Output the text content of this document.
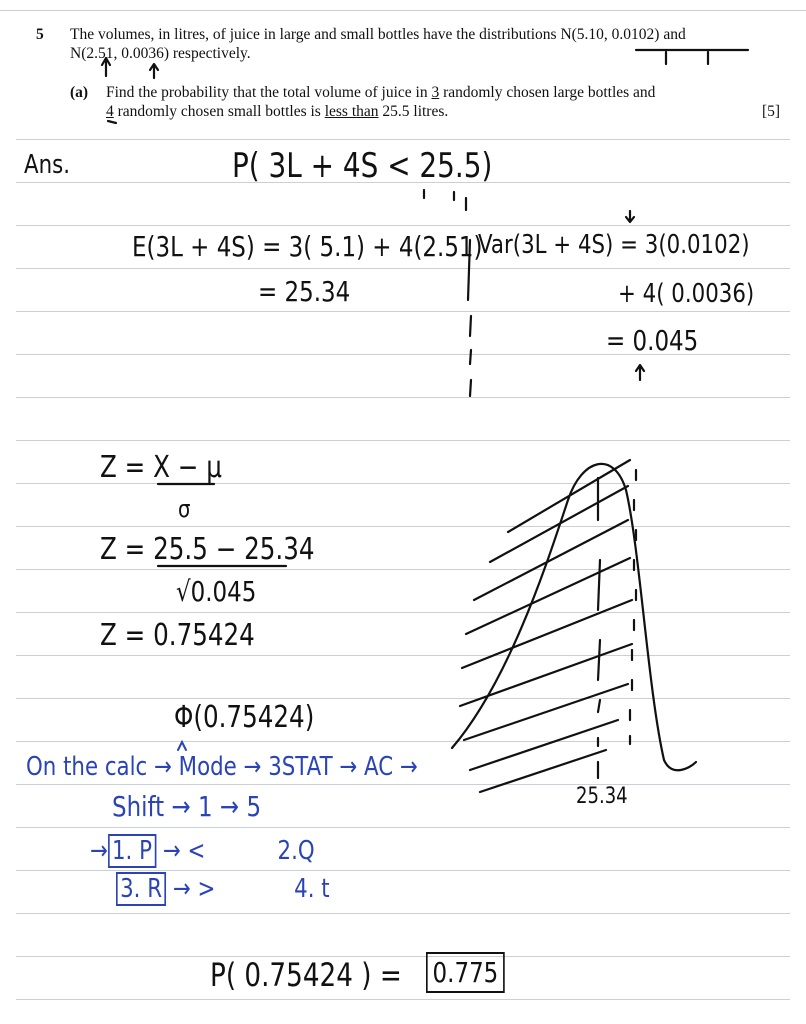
5 The volumes, in litres, of juice in large and small bottles have the distributions N(5.10, 0.0102) and
N(2.51, 0.0036) respectively.
(a) Find the probability that the total volume of juice in 3 randomly chosen large bottles and
4 randomly chosen small bottles is less than 25.5 litres.	[5]
Ans.	P( 3L + 4S < 25.5)
E(3L + 4S) = 3( 5.1) + 4(2.51)
= 25.34
Var(3L + 4S) = 3(0.0102)
+ 4( 0.0036)
= 0.045
Z = X − μ
σ
Z = 25.5 − 25.34
√0.045
Z = 0.75424
Φ(0.75424)
On the calc → Mode → 3STAT → AC →
Shift → 1 → 5
→ 1. P → <	2.Q
3. R → >	4. t
P( 0.75424 ) = 0.775
25.34
